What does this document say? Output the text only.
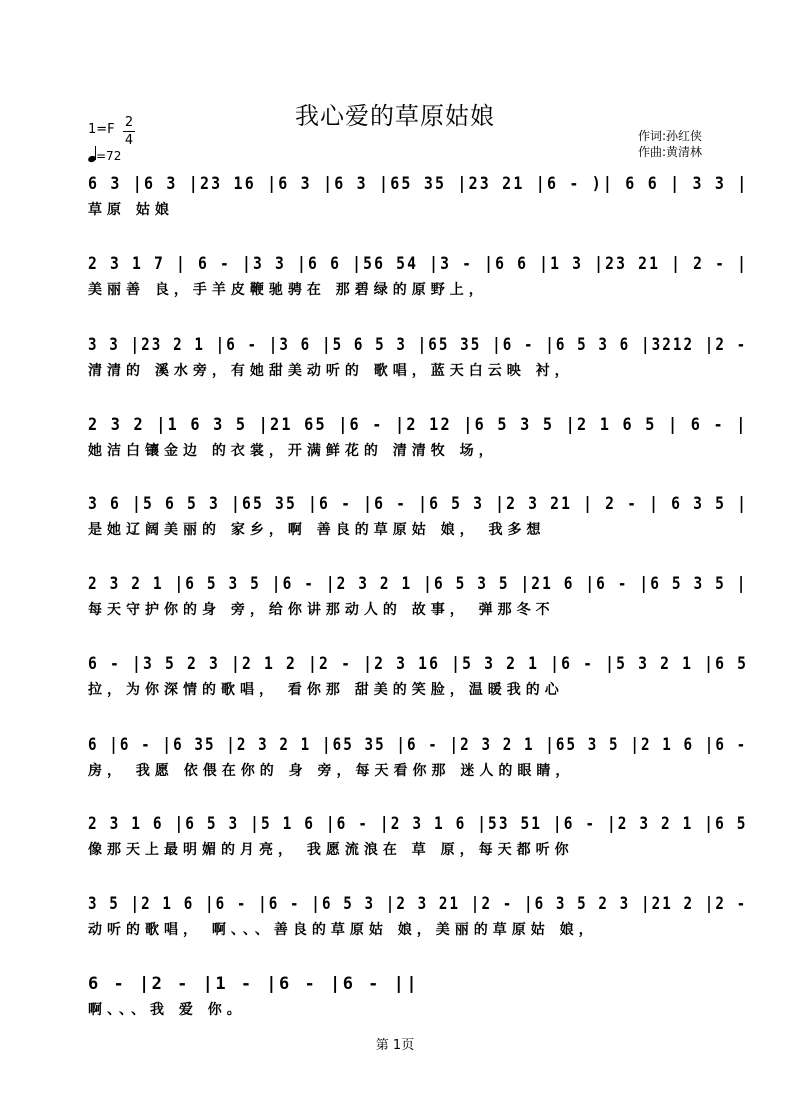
我心爱的草原姑娘
1=F 2
4
=72
作词:孙红侠
作曲:黄清林
6 3 |6 3 |23 16 |6 3 |6 3 |65 35 |23 21 |6 - )| 6 6 | 3 3 |
草原 姑娘
2 3 1 7 | 6 - |3 3 |6 6 |56 54 |3 - |6 6 |1 3 |23 21 | 2 - |
美丽善 良，手羊皮鞭驰骋在 那碧绿的原野上，
3 3 |23 2 1 |6 - |3 6 |5 6 5 3 |65 35 |6 - |6 5 3 6 |3212 |2 -
清清的 溪水旁，有她甜美动听的 歌唱，蓝天白云映 衬，
2 3 2 |1 6 3 5 |21 65 |6 - |2 12 |6 5 3 5 |2 1 6 5 | 6 - |
她洁白镶金边 的衣裳，开满鲜花的 清清牧 场，
3 6 |5 6 5 3 |65 35 |6 - |6 - |6 5 3 |2 3 21 | 2 - | 6 3 5 |
是她辽阔美丽的 家乡，啊 善良的草原姑 娘， 我多想
2 3 2 1 |6 5 3 5 |6 - |2 3 2 1 |6 5 3 5 |21 6 |6 - |6 5 3 5 |
每天守护你的身 旁，给你讲那动人的 故事， 弹那冬不
6 - |3 5 2 3 |2 1 2 |2 - |2 3 16 |5 3 2 1 |6 - |5 3 2 1 |6 5
拉，为你深情的歌唱， 看你那 甜美的笑脸，温暖我的心
6 |6 - |6 35 |2 3 2 1 |65 35 |6 - |2 3 2 1 |65 3 5 |2 1 6 |6 -
房， 我愿 依偎在你的 身 旁，每天看你那 迷人的眼睛，
2 3 1 6 |6 5 3 |5 1 6 |6 - |2 3 1 6 |53 51 |6 - |2 3 2 1 |6 5
像那天上最明媚的月亮， 我愿流浪在 草 原，每天都听你
3 5 |2 1 6 |6 - |6 - |6 5 3 |2 3 21 |2 - |6 3 5 2 3 |21 2 |2 -
动听的歌唱， 啊、、、善良的草原姑 娘，美丽的草原姑 娘，
6 - |2 - |1 - |6 - |6 - ||
啊、、、我 爱 你。
第 1页
